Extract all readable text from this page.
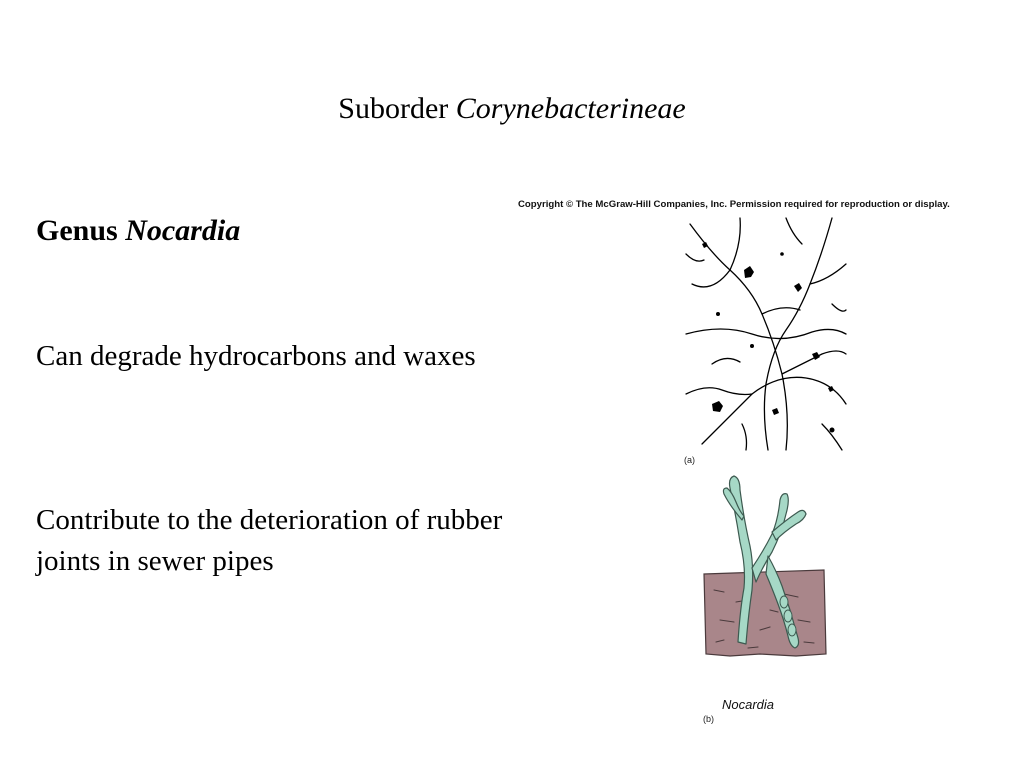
Suborder Corynebacterineae
Genus Nocardia
Can degrade hydrocarbons and waxes
Contribute to the deterioration of rubber joints in sewer pipes
Copyright © The McGraw-Hill Companies, Inc. Permission required for reproduction or display.
(a)
Nocardia
(b)
